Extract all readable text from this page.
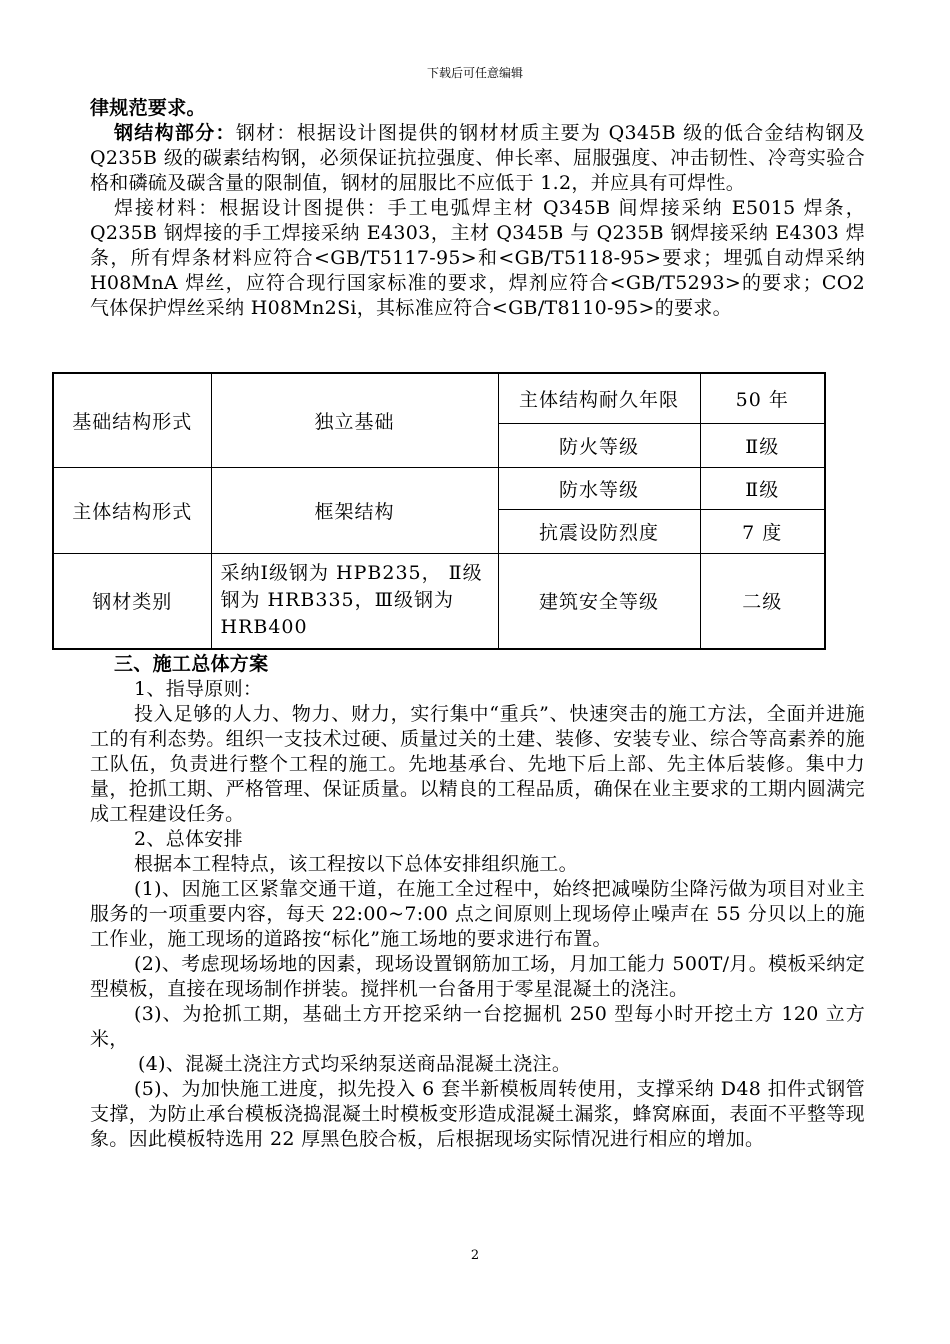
下载后可任意编辑

律规范要求。

钢结构部分：钢材：根据设计图提供的钢材材质主要为 Q345B 级的低合金结构钢及 Q235B 级的碳素结构钢，必须保证抗拉强度、伸长率、屈服强度、冲击韧性、冷弯实验合格和磷硫及碳含量的限制值，钢材的屈服比不应低于 1.2，并应具有可焊性。

焊接材料：根据设计图提供：手工电弧焊主材 Q345B 间焊接采纳 E5015 焊条，Q235B 钢焊接的手工焊接采纳 E4303，主材 Q345B 与 Q235B 钢焊接采纳 E4303 焊条，所有焊条材料应符合<GB/T5117-95>和<GB/T5118-95>要求；埋弧自动焊采纳 H08MnA 焊丝，应符合现行国家标准的要求，焊剂应符合<GB/T5293>的要求；CO2 气体保护焊丝采纳 H08Mn2Si，其标准应符合<GB/T8110-95>的要求。

基础结构形式	独立基础	主体结构耐久年限	50 年
		防火等级	Ⅱ级
主体结构形式	框架结构	防水等级	Ⅱ级
		抗震设防烈度	7 度
钢材类别	采纳Ⅰ级钢为 HPB235， Ⅱ级钢为 HRB335，Ⅲ级钢为 HRB400	建筑安全等级	二级

三、施工总体方案

1、指导原则：

投入足够的人力、物力、财力，实行集中“重兵”、快速突击的施工方法，全面并进施工的有利态势。组织一支技术过硬、质量过关的土建、装修、安装专业、综合等高素养的施工队伍，负责进行整个工程的施工。先地基承台、先地下后上部、先主体后装修。集中力量，抢抓工期、严格管理、保证质量。以精良的工程品质，确保在业主要求的工期内圆满完成工程建设任务。

2、总体安排

根据本工程特点，该工程按以下总体安排组织施工。

(1)、因施工区紧靠交通干道，在施工全过程中，始终把减噪防尘降污做为项目对业主服务的一项重要内容，每天 22:00~7:00 点之间原则上现场停止噪声在 55 分贝以上的施工作业，施工现场的道路按“标化”施工场地的要求进行布置。

(2)、考虑现场场地的因素，现场设置钢筋加工场，月加工能力 500T/月。模板采纳定型模板，直接在现场制作拼装。搅拌机一台备用于零星混凝土的浇注。

(3)、为抢抓工期，基础土方开挖采纳一台挖掘机 250 型每小时开挖土方 120 立方米，

(4)、混凝土浇注方式均采纳泵送商品混凝土浇注。

(5)、为加快施工进度，拟先投入 6 套半新模板周转使用，支撑采纳 D48 扣件式钢管支撑，为防止承台模板浇捣混凝土时模板变形造成混凝土漏浆，蜂窝麻面，表面不平整等现象。因此模板特选用 22 厚黑色胶合板，后根据现场实际情况进行相应的增加。

2
